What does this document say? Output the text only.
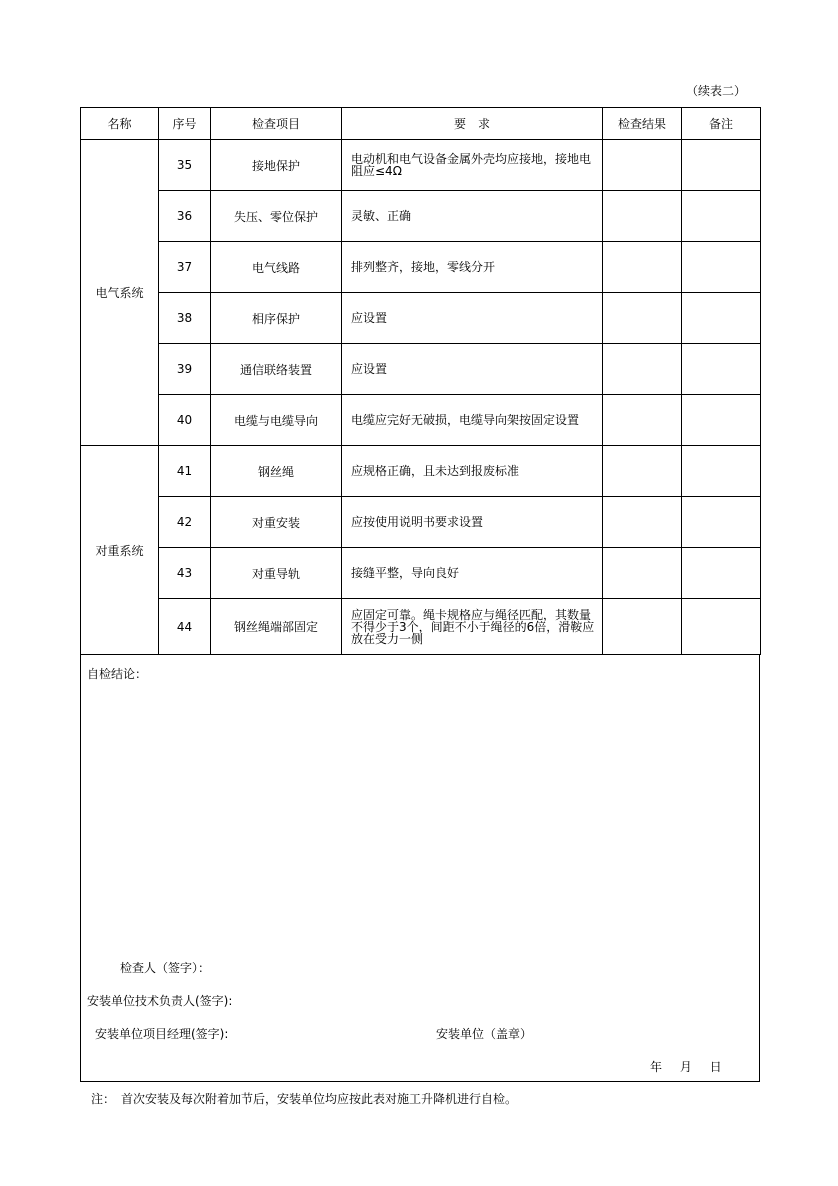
（续表二）
名称	序号	检查项目	要　求	检查结果	备注
电气系统	35	接地保护	电动机和电气设备金属外壳均应接地，接地电阻应≤4Ω		
	36	失压、零位保护	灵敏、正确		
	37	电气线路	排列整齐，接地，零线分开		
	38	相序保护	应设置		
	39	通信联络装置	应设置		
	40	电缆与电缆导向	电缆应完好无破损，电缆导向架按固定设置		
对重系统	41	钢丝绳	应规格正确，且未达到报废标准		
	42	对重安装	应按使用说明书要求设置		
	43	对重导轨	接缝平整，导向良好		
	44	钢丝绳端部固定	应固定可靠。绳卡规格应与绳径匹配，其数量不得少于3个，间距不小于绳径的6倍，滑鞍应放在受力一侧		
自检结论：
检查人（签字）：
安装单位技术负责人(签字):
安装单位项目经理(签字):	安装单位（盖章）
年 月 日
注：　首次安装及每次附着加节后，安装单位均应按此表对施工升降机进行自检。
